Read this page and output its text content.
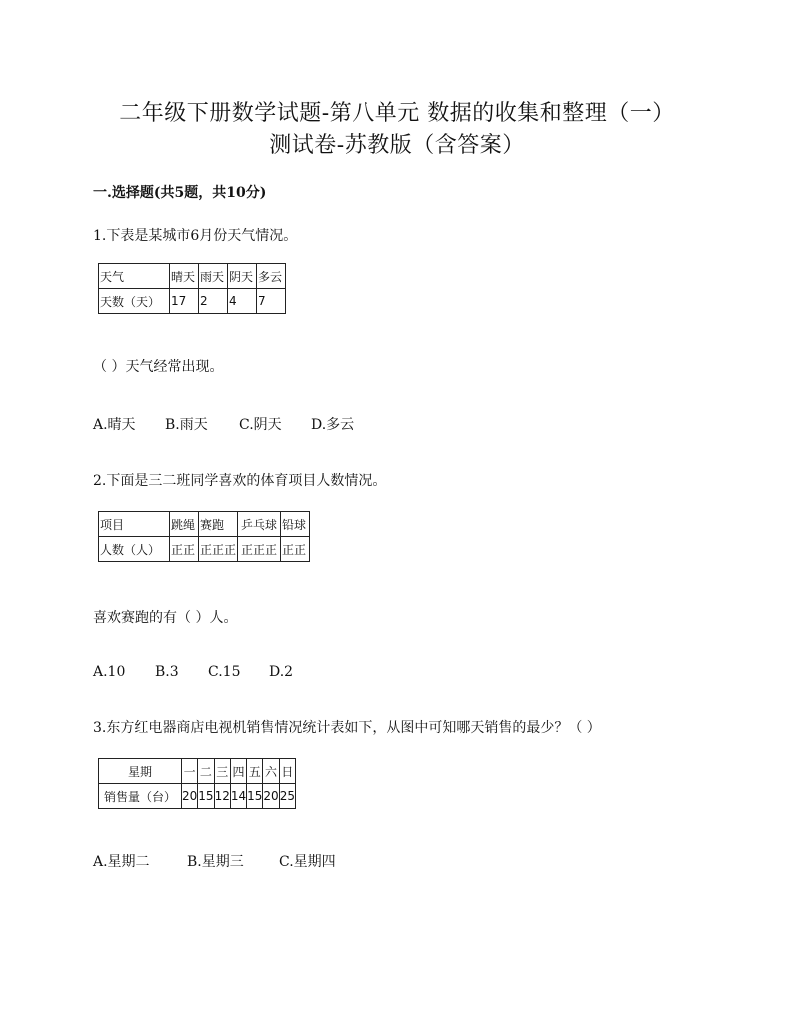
二年级下册数学试题-第八单元 数据的收集和整理（一）
测试卷-苏教版（含答案）
一.选择题(共5题，共10分)
1.下表是某城市6月份天气情况。
天气	晴天	雨天	阴天	多云
天数（天）	17	2	4	7
（ ）天气经常出现。
A.晴天 B.雨天 C.阴天 D.多云
2.下面是三二班同学喜欢的体育项目人数情况。
项目	跳绳	赛跑	乒乓球	铅球
人数（人）	正正	正正正	正正正	正正
喜欢赛跑的有（ ）人。
A.10 B.3 C.15 D.2
3.东方红电器商店电视机销售情况统计表如下，从图中可知哪天销售的最少？（ ）
星期	一	二	三	四	五	六	日
销售量（台）	20	15	12	14	15	20	25
A.星期二	B.星期三	C.星期四
